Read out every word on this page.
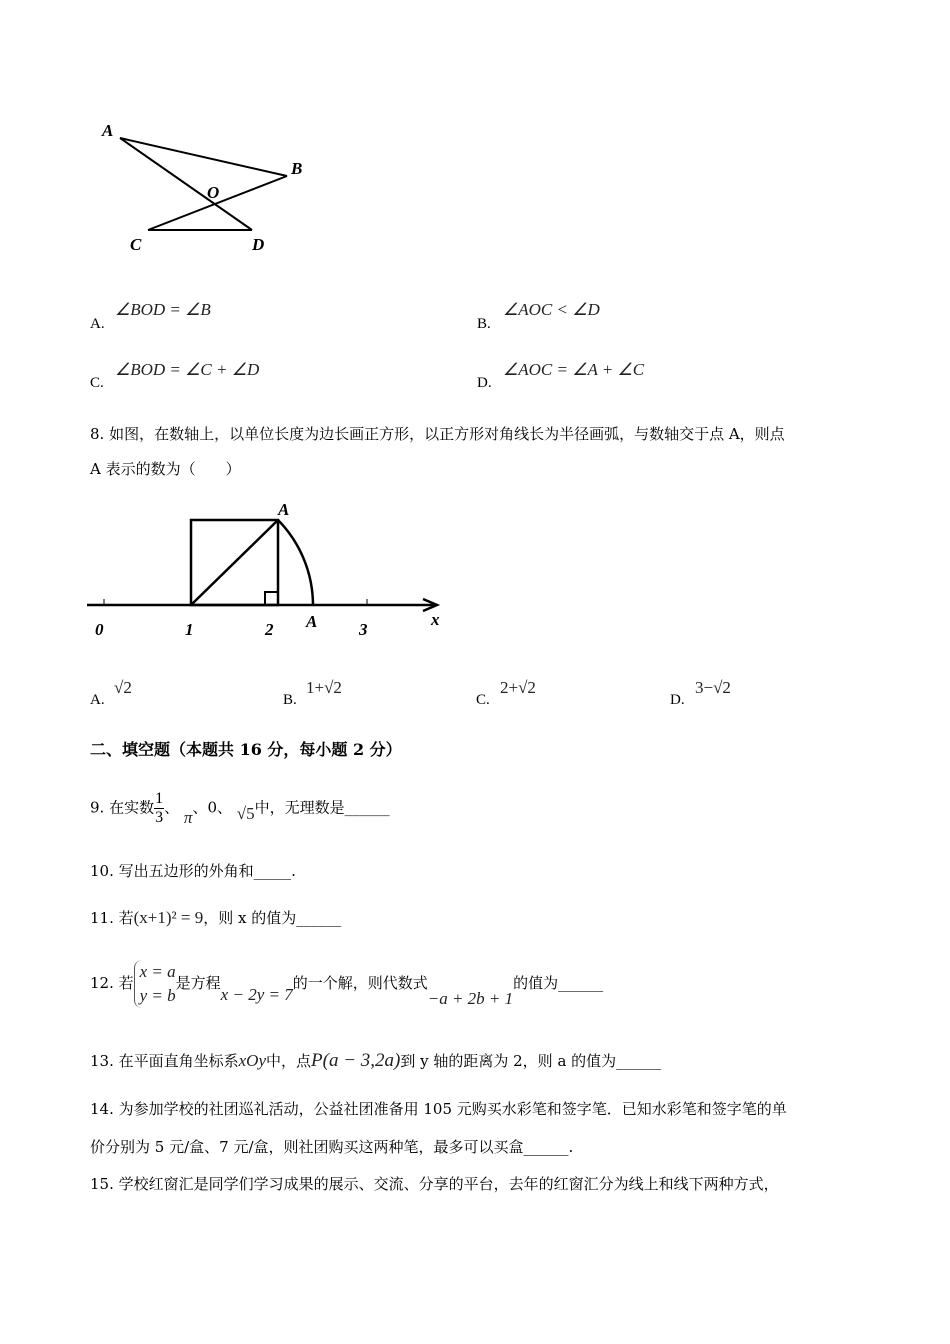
A
B
O
C	D
A.
∠BOD = ∠B
B.
∠AOC < ∠D
C.
∠BOD = ∠C + ∠D
D.
∠AOC = ∠A + ∠C
8. 如图，在数轴上，以单位长度为边长画正方形，以正方形对角线长为半径画弧，与数轴交于点 A，则点
A 表示的数为（　　）
0	1	2 A 3
x
A
A.
√2
B.
1+√2
C.
2+√2
D.
3−√2
二、填空题（本题共 16 分，每小题 2 分）
9. 在实数 $\frac{1}{3}$ 、 π、0、 √5中，无理数是______
10. 写出五边形的外角和_____.
11. 若(x+1)² = 9，则 x 的值为______
12. 若
x = a
y = b
是方程x − 2y = 7的一个解，则代数式−a + 2b + 1的值为______
13. 在平面直角坐标系xOy中，点P(a − 3,2a)到 y 轴的距离为 2，则 a 的值为______
14. 为参加学校的社团巡礼活动，公益社团准备用 105 元购买水彩笔和签字笔．已知水彩笔和签字笔的单
价分别为 5 元/盒、7 元/盒，则社团购买这两种笔，最多可以买盒______.
15. 学校红窗汇是同学们学习成果的展示、交流、分享的平台，去年的红窗汇分为线上和线下两种方式，
